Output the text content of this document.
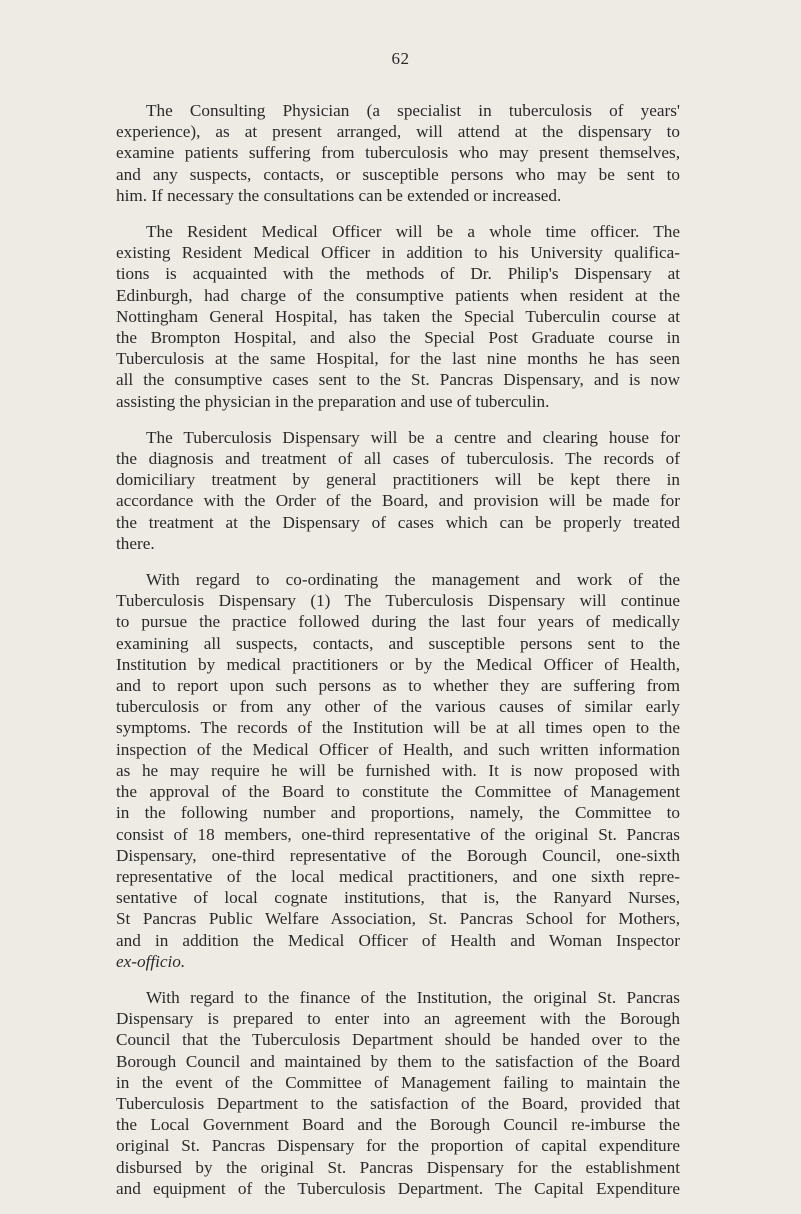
62
The Consulting Physician (a specialist in tuberculosis of years'
experience), as at present arranged, will attend at the dispensary to
examine patients suffering from tuberculosis who may present themselves,
and any suspects, contacts, or susceptible persons who may be sent to
him. If necessary the consultations can be extended or increased.
The Resident Medical Officer will be a whole time officer. The
existing Resident Medical Officer in addition to his University qualifica-
tions is acquainted with the methods of Dr. Philip's Dispensary at
Edinburgh, had charge of the consumptive patients when resident at the
Nottingham General Hospital, has taken the Special Tuberculin course at
the Brompton Hospital, and also the Special Post Graduate course in
Tuberculosis at the same Hospital, for the last nine months he has seen
all the consumptive cases sent to the St. Pancras Dispensary, and is now
assisting the physician in the preparation and use of tuberculin.
The Tuberculosis Dispensary will be a centre and clearing house for
the diagnosis and treatment of all cases of tuberculosis. The records of
domiciliary treatment by general practitioners will be kept there in
accordance with the Order of the Board, and provision will be made for
the treatment at the Dispensary of cases which can be properly treated
there.
With regard to co-ordinating the management and work of the
Tuberculosis Dispensary (1) The Tuberculosis Dispensary will continue
to pursue the practice followed during the last four years of medically
examining all suspects, contacts, and susceptible persons sent to the
Institution by medical practitioners or by the Medical Officer of Health,
and to report upon such persons as to whether they are suffering from
tuberculosis or from any other of the various causes of similar early
symptoms. The records of the Institution will be at all times open to the
inspection of the Medical Officer of Health, and such written information
as he may require he will be furnished with. It is now proposed with
the approval of the Board to constitute the Committee of Management
in the following number and proportions, namely, the Committee to
consist of 18 members, one-third representative of the original St. Pancras
Dispensary, one-third representative of the Borough Council, one-sixth
representative of the local medical practitioners, and one sixth repre-
sentative of local cognate institutions, that is, the Ranyard Nurses,
St Pancras Public Welfare Association, St. Pancras School for Mothers,
and in addition the Medical Officer of Health and Woman Inspector
ex-officio.
With regard to the finance of the Institution, the original St. Pancras
Dispensary is prepared to enter into an agreement with the Borough
Council that the Tuberculosis Department should be handed over to the
Borough Council and maintained by them to the satisfaction of the Board
in the event of the Committee of Management failing to maintain the
Tuberculosis Department to the satisfaction of the Board, provided that
the Local Government Board and the Borough Council re-imburse the
original St. Pancras Dispensary for the proportion of capital expenditure
disbursed by the original St. Pancras Dispensary for the establishment
and equipment of the Tuberculosis Department. The Capital Expenditure
